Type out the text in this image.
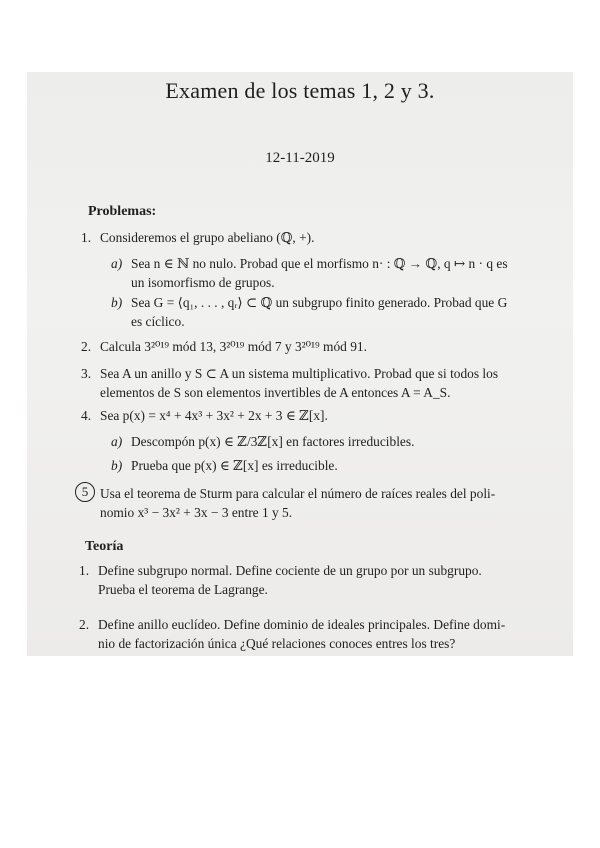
Examen de los temas 1, 2 y 3.
12-11-2019
Problemas:
1. Consideremos el grupo abeliano (ℚ, +).
a) Sea n ∈ ℕ no nulo. Probad que el morfismo n· : ℚ → ℚ, q ↦ n · q es
un isomorfismo de grupos.
b) Sea G = ⟨q₁, . . . , qᵣ⟩ ⊂ ℚ un subgrupo finito generado. Probad que G
es cíclico.
2. Calcula 3²⁰¹⁹ mód 13, 3²⁰¹⁹ mód 7 y 3²⁰¹⁹ mód 91.
3. Sea A un anillo y S ⊂ A un sistema multiplicativo. Probad que si todos los
elementos de S son elementos invertibles de A entonces A = A_S.
4. Sea p(x) = x⁴ + 4x³ + 3x² + 2x + 3 ∈ ℤ[x].
a) Descompón p(x) ∈ ℤ/3ℤ[x] en factores irreducibles.
b) Prueba que p(x) ∈ ℤ[x] es irreducible.
5 Usa el teorema de Sturm para calcular el número de raíces reales del poli-
nomio x³ − 3x² + 3x − 3 entre 1 y 5.
Teoría
1. Define subgrupo normal. Define cociente de un grupo por un subgrupo.
Prueba el teorema de Lagrange.
2. Define anillo euclídeo. Define dominio de ideales principales. Define domi-
nio de factorización única ¿Qué relaciones conoces entres los tres?
